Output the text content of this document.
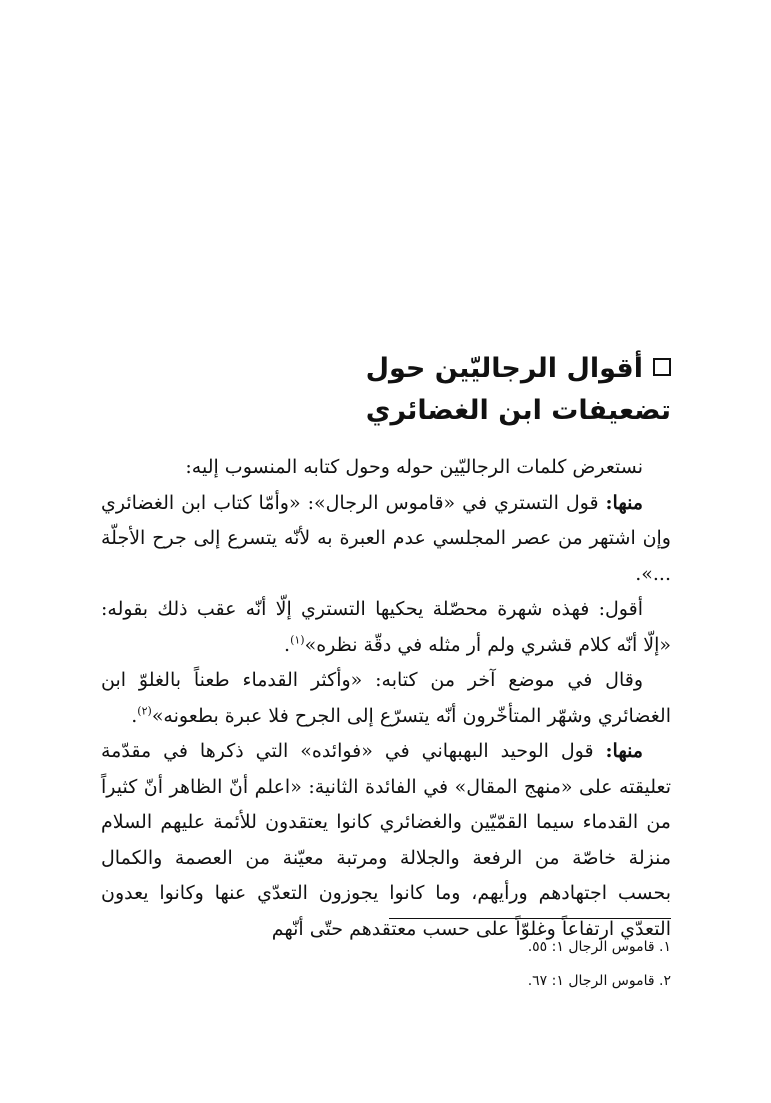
أقوال الرجاليّين حول
تضعيفات ابن الغضائري

نستعرض كلمات الرجاليّين حوله وحول كتابه المنسوب إليه:

منها: قول التستري في «قاموس الرجال»: «وأمّا كتاب ابن الغضائري وإن اشتهر من عصر المجلسي عدم العبرة به لأنّه يتسرع إلى جرح الأجلّة ...».

أقول: فهذه شهرة محصّلة يحكيها التستري إلّا أنّه عقب ذلك بقوله: «إلّا أنّه كلام قشري ولم أر مثله في دقّة نظره»$^{(١)}$.

وقال في موضع آخر من كتابه: «وأكثر القدماء طعناً بالغلوّ ابن الغضائري وشهّر المتأخّرون أنّه يتسرّع إلى الجرح فلا عبرة بطعونه»$^{(٢)}$.

منها: قول الوحيد البهبهاني في «فوائده» التي ذكرها في مقدّمة تعليقته على «منهج المقال» في الفائدة الثانية: «اعلم أنّ الظاهر أنّ كثيراً من القدماء سيما القمّيّين والغضائري كانوا يعتقدون للأئمة عليهم السلام منزلة خاصّة من الرفعة والجلالة ومرتبة معيّنة من العصمة والكمال بحسب اجتهادهم ورأيهم، وما كانوا يجوزون التعدّي عنها وكانوا يعدون التعدّي ارتفاعاً وغلوّاً على حسب معتقدهم حتّى أنّهم

١. قاموس الرجال ١: ٥٥.
٢. قاموس الرجال ١: ٦٧.
